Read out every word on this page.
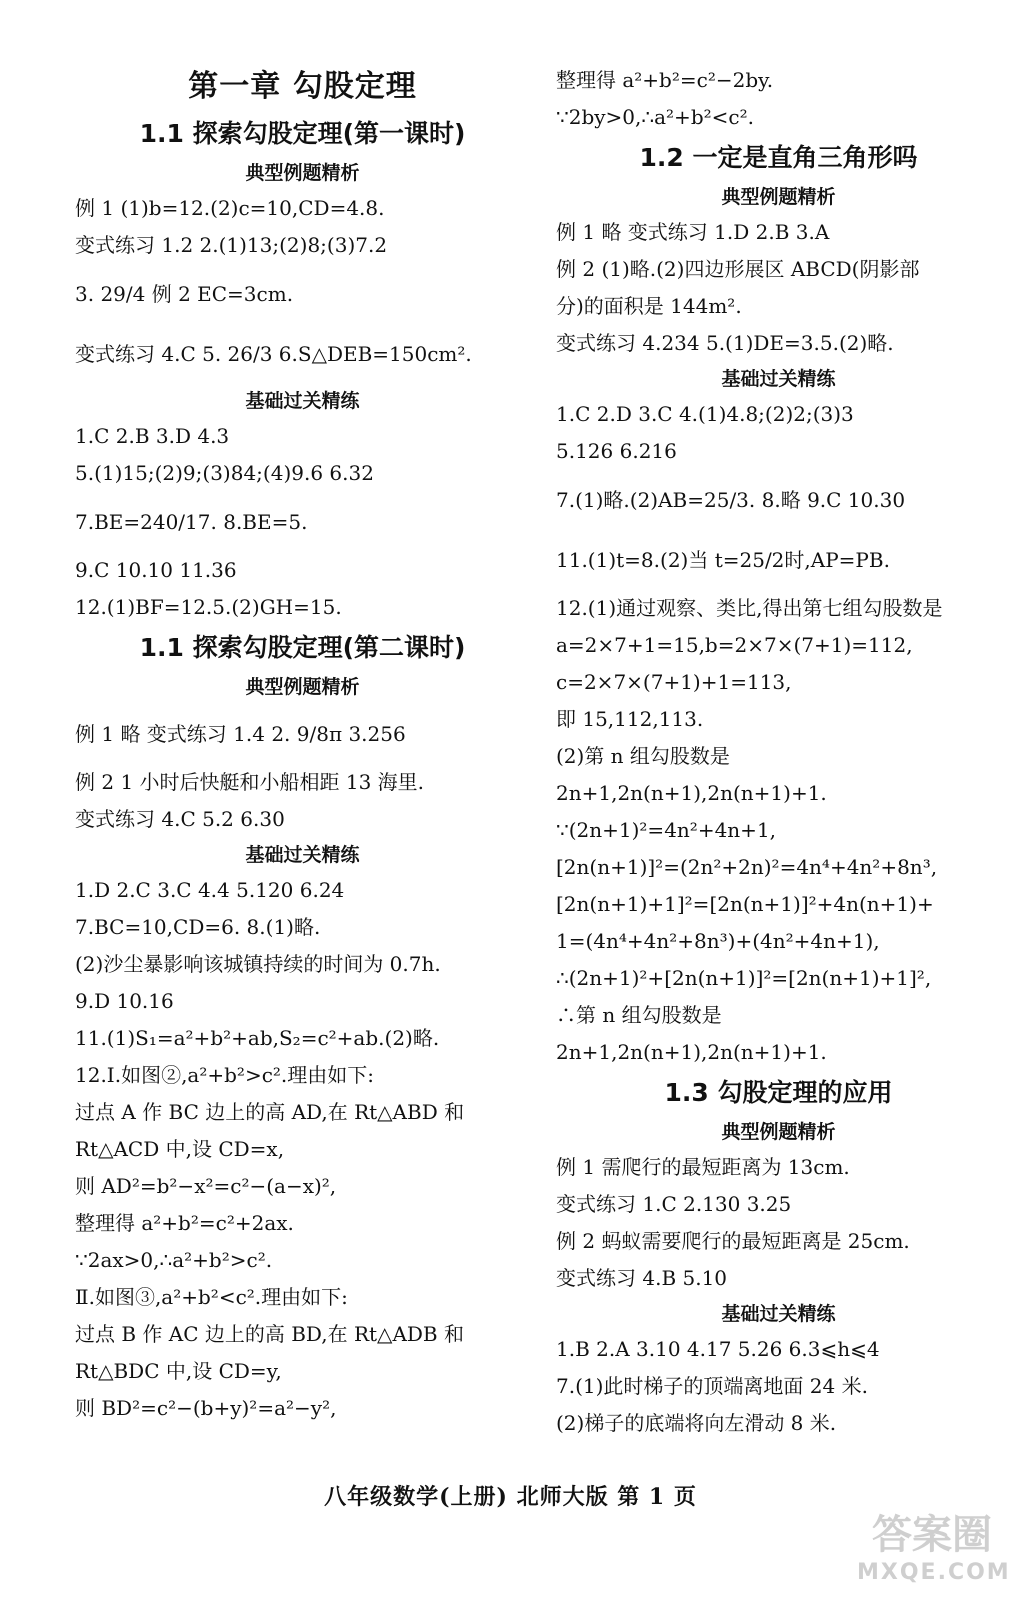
第一章 勾股定理
1.1 探索勾股定理(第一课时)
典型例题精析
例 1 (1)b=12.(2)c=10,CD=4.8.
变式练习 1.2 2.(1)13;(2)8;(3)7.2
3. 29/4 例 2 EC=3cm.
变式练习 4.C 5. 26/3 6.S△DEB=150cm².
基础过关精练
1.C 2.B 3.D 4.3
5.(1)15;(2)9;(3)84;(4)9.6 6.32
7.BE=240/17. 8.BE=5.
9.C 10.10 11.36
12.(1)BF=12.5.(2)GH=15.
1.1 探索勾股定理(第二课时)
典型例题精析
例 1 略 变式练习 1.4 2. 9/8π 3.256
例 2 1 小时后快艇和小船相距 13 海里.
变式练习 4.C 5.2 6.30
基础过关精练
1.D 2.C 3.C 4.4 5.120 6.24
7.BC=10,CD=6. 8.(1)略.
(2)沙尘暴影响该城镇持续的时间为 0.7h.
9.D 10.16
11.(1)S₁=a²+b²+ab,S₂=c²+ab.(2)略.
12.Ⅰ.如图②,a²+b²>c².理由如下:
过点 A 作 BC 边上的高 AD,在 Rt△ABD 和
Rt△ACD 中,设 CD=x,
则 AD²=b²−x²=c²−(a−x)²,
整理得 a²+b²=c²+2ax.
∵2ax>0,∴a²+b²>c².
Ⅱ.如图③,a²+b²<c².理由如下:
过点 B 作 AC 边上的高 BD,在 Rt△ADB 和
Rt△BDC 中,设 CD=y,
则 BD²=c²−(b+y)²=a²−y²,
整理得 a²+b²=c²−2by.
∵2by>0,∴a²+b²<c².
1.2 一定是直角三角形吗
典型例题精析
例 1 略 变式练习 1.D 2.B 3.A
例 2 (1)略.(2)四边形展区 ABCD(阴影部
分)的面积是 144m².
变式练习 4.234 5.(1)DE=3.5.(2)略.
基础过关精练
1.C 2.D 3.C 4.(1)4.8;(2)2;(3)3
5.126 6.216
7.(1)略.(2)AB=25/3. 8.略 9.C 10.30
11.(1)t=8.(2)当 t=25/2时,AP=PB.
12.(1)通过观察、类比,得出第七组勾股数是
a=2×7+1=15,b=2×7×(7+1)=112,
c=2×7×(7+1)+1=113,
即 15,112,113.
(2)第 n 组勾股数是
2n+1,2n(n+1),2n(n+1)+1.
∵(2n+1)²=4n²+4n+1,
[2n(n+1)]²=(2n²+2n)²=4n⁴+4n²+8n³,
[2n(n+1)+1]²=[2n(n+1)]²+4n(n+1)+
1=(4n⁴+4n²+8n³)+(4n²+4n+1),
∴(2n+1)²+[2n(n+1)]²=[2n(n+1)+1]²,
∴第 n 组勾股数是
2n+1,2n(n+1),2n(n+1)+1.
1.3 勾股定理的应用
典型例题精析
例 1 需爬行的最短距离为 13cm.
变式练习 1.C 2.130 3.25
例 2 蚂蚁需要爬行的最短距离是 25cm.
变式练习 4.B 5.10
基础过关精练
1.B 2.A 3.10 4.17 5.26 6.3⩽h⩽4
7.(1)此时梯子的顶端离地面 24 米.
(2)梯子的底端将向左滑动 8 米.
八年级数学(上册) 北师大版 第 1 页
答案圈
MXQE.COM
